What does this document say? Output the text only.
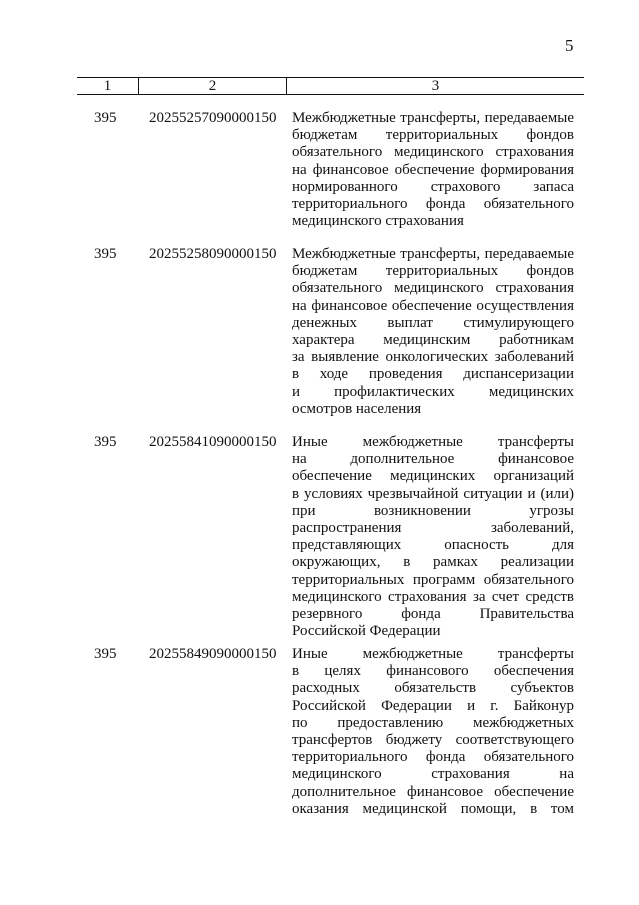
5
1	2	3
395 20255257090000150 Межбюджетные трансферты, передаваемые
бюджетам территориальных фондов
обязательного медицинского страхования
на финансовое обеспечение формирования
нормированного страхового запаса
территориального фонда обязательного
медицинского страхования
395 20255258090000150 Межбюджетные трансферты, передаваемые
бюджетам территориальных фондов
обязательного медицинского страхования
на финансовое обеспечение осуществления
денежных выплат стимулирующего
характера медицинским работникам
за выявление онкологических заболеваний
в ходе проведения диспансеризации
и профилактических медицинских
осмотров населения
395 20255841090000150 Иные межбюджетные трансферты
на дополнительное финансовое
обеспечение медицинских организаций
в условиях чрезвычайной ситуации и (или)
при возникновении угрозы
распространения заболеваний,
представляющих опасность для
окружающих, в рамках реализации
территориальных программ обязательного
медицинского страхования за счет средств
резервного фонда Правительства
Российской Федерации
395 20255849090000150 Иные межбюджетные трансферты
в целях финансового обеспечения
расходных обязательств субъектов
Российской Федерации и г. Байконур
по предоставлению межбюджетных
трансфертов бюджету соответствующего
территориального фонда обязательного
медицинского страхования на
дополнительное финансовое обеспечение
оказания медицинской помощи, в том
